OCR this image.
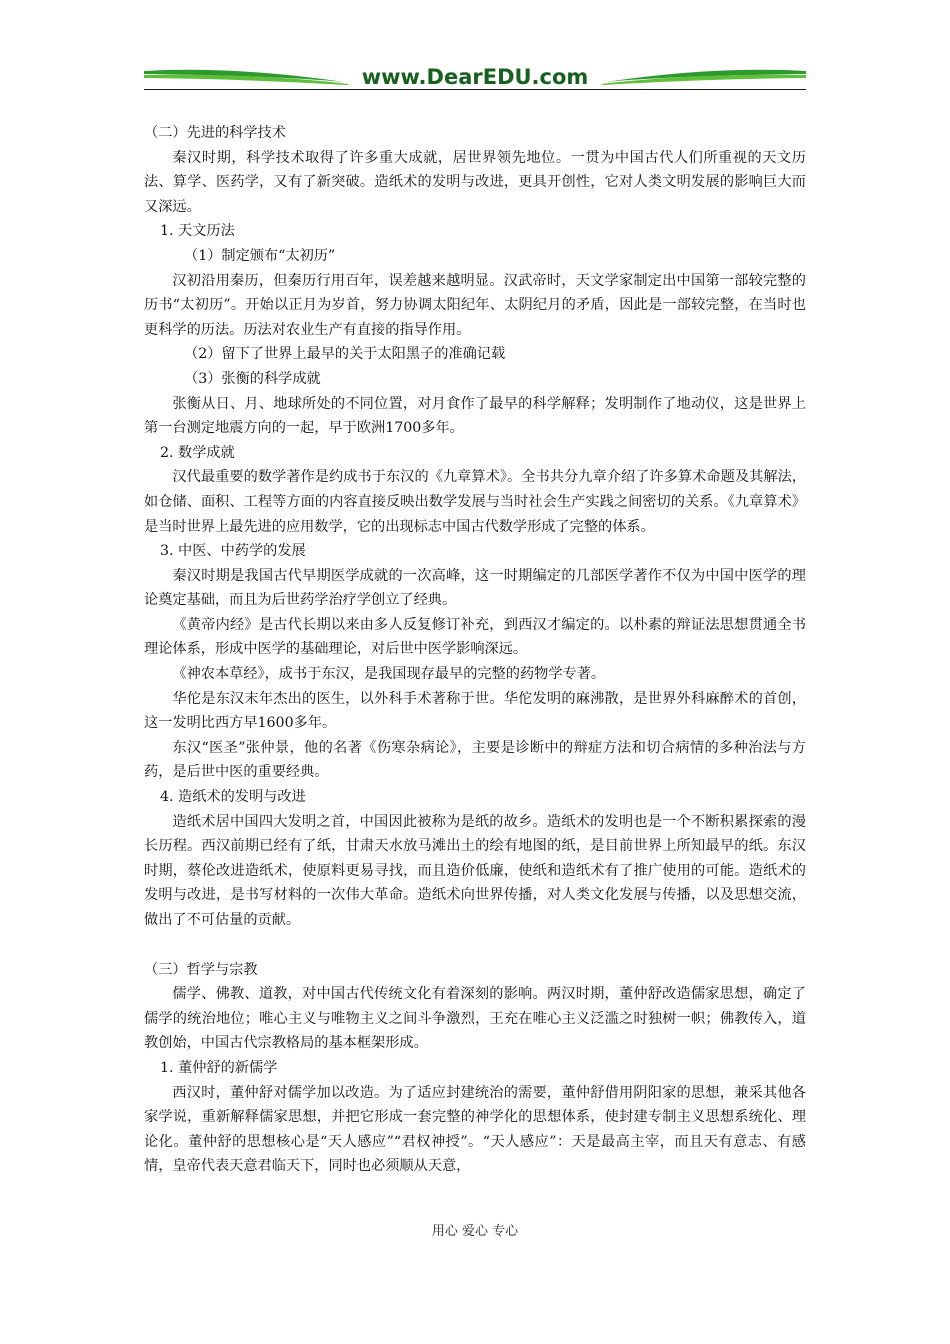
www.DearEDU.com

（二）先进的科学技术

秦汉时期，科学技术取得了许多重大成就，居世界领先地位。一贯为中国古代人们所重视的天文历法、算学、医药学，又有了新突破。造纸术的发明与改进，更具开创性，它对人类文明发展的影响巨大而又深远。

1. 天文历法

（1）制定颁布“太初历”

汉初沿用秦历，但秦历行用百年，误差越来越明显。汉武帝时，天文学家制定出中国第一部较完整的历书“太初历”。开始以正月为岁首，努力协调太阳纪年、太阴纪月的矛盾，因此是一部较完整，在当时也更科学的历法。历法对农业生产有直接的指导作用。

（2）留下了世界上最早的关于太阳黑子的准确记载

（3）张衡的科学成就

张衡从日、月、地球所处的不同位置，对月食作了最早的科学解释；发明制作了地动仪，这是世界上第一台测定地震方向的一起，早于欧洲1700多年。

2. 数学成就

汉代最重要的数学著作是约成书于东汉的《九章算术》。全书共分九章介绍了许多算术命题及其解法，如仓储、面积、工程等方面的内容直接反映出数学发展与当时社会生产实践之间密切的关系。《九章算术》是当时世界上最先进的应用数学，它的出现标志中国古代数学形成了完整的体系。

3. 中医、中药学的发展

秦汉时期是我国古代早期医学成就的一次高峰，这一时期编定的几部医学著作不仅为中国中医学的理论奠定基础，而且为后世药学治疗学创立了经典。

《黄帝内经》是古代长期以来由多人反复修订补充，到西汉才编定的。以朴素的辩证法思想贯通全书理论体系，形成中医学的基础理论，对后世中医学影响深远。

《神农本草经》，成书于东汉，是我国现存最早的完整的药物学专著。

华佗是东汉末年杰出的医生，以外科手术著称于世。华佗发明的麻沸散，是世界外科麻醉术的首创，这一发明比西方早1600多年。

东汉“医圣”张仲景，他的名著《伤寒杂病论》，主要是诊断中的辩症方法和切合病情的多种治法与方药，是后世中医的重要经典。

4. 造纸术的发明与改进

造纸术居中国四大发明之首，中国因此被称为是纸的故乡。造纸术的发明也是一个不断积累探索的漫长历程。西汉前期已经有了纸，甘肃天水放马滩出土的绘有地图的纸，是目前世界上所知最早的纸。东汉时期，蔡伦改进造纸术，使原料更易寻找，而且造价低廉，使纸和造纸术有了推广使用的可能。造纸术的发明与改进，是书写材料的一次伟大革命。造纸术向世界传播，对人类文化发展与传播，以及思想交流，做出了不可估量的贡献。

（三）哲学与宗教

儒学、佛教、道教，对中国古代传统文化有着深刻的影响。两汉时期，董仲舒改造儒家思想，确定了儒学的统治地位；唯心主义与唯物主义之间斗争激烈，王充在唯心主义泛滥之时独树一帜；佛教传入，道教创始，中国古代宗教格局的基本框架形成。

1. 董仲舒的新儒学

西汉时，董仲舒对儒学加以改造。为了适应封建统治的需要，董仲舒借用阴阳家的思想，兼采其他各家学说，重新解释儒家思想，并把它形成一套完整的神学化的思想体系，使封建专制主义思想系统化、理论化。董仲舒的思想核心是“天人感应”“君权神授”。“天人感应”：天是最高主宰，而且天有意志、有感情，皇帝代表天意君临天下，同时也必须顺从天意，

用心 爱心 专心
